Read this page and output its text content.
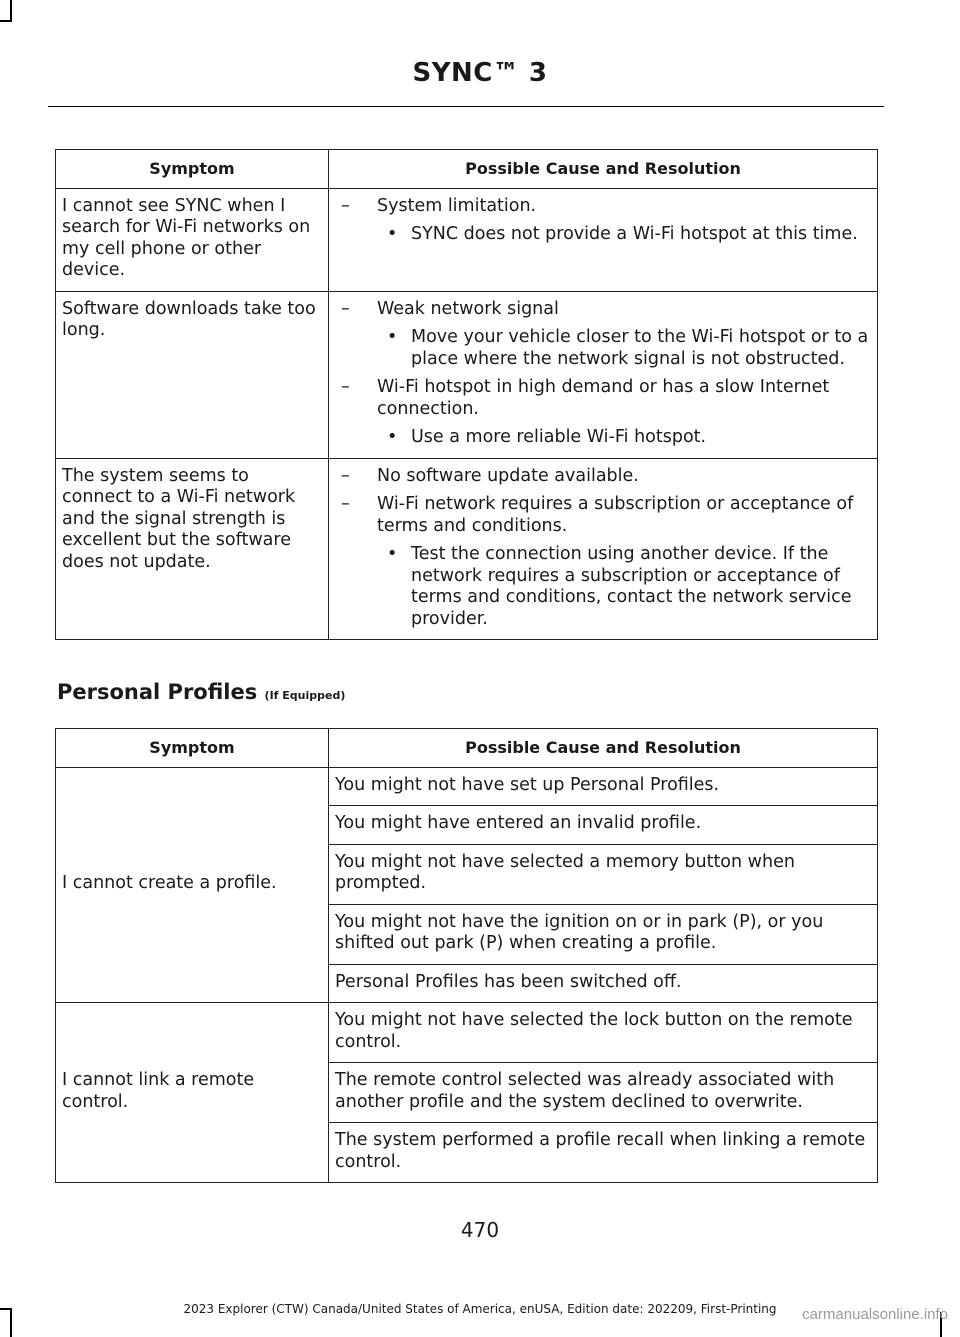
SYNC™ 3
Symptom	Possible Cause and Resolution
I cannot see SYNC when I search for Wi-Fi networks on my cell phone or other device.	– System limitation.
• SYNC does not provide a Wi-Fi hotspot at this time.

Software downloads take too long.	– Weak network signal
• Move your vehicle closer to the Wi-Fi hotspot or to a place where the network signal is not obstructed.
– Wi-Fi hotspot in high demand or has a slow Internet connection.
• Use a more reliable Wi-Fi hotspot.

The system seems to connect to a Wi-Fi network and the signal strength is excellent but the software does not update.	– No software update available.
– Wi-Fi network requires a subscription or acceptance of terms and conditions.
• Test the connection using another device. If the network requires a subscription or acceptance of terms and conditions, contact the network service provider.
Personal Profiles (If Equipped)
Symptom	Possible Cause and Resolution
I cannot create a profile.	You might not have set up Personal Profiles.
	You might have entered an invalid profile.
	You might not have selected a memory button when prompted.
	You might not have the ignition on or in park (P), or you shifted out park (P) when creating a profile.
	Personal Profiles has been switched off.
I cannot link a remote control.	You might not have selected the lock button on the remote control.
	The remote control selected was already associated with another profile and the system declined to overwrite.
	The system performed a profile recall when linking a remote control.
470
2023 Explorer (CTW) Canada/United States of America, enUSA, Edition date: 202209, First-Printing	carmanualsonline.info
